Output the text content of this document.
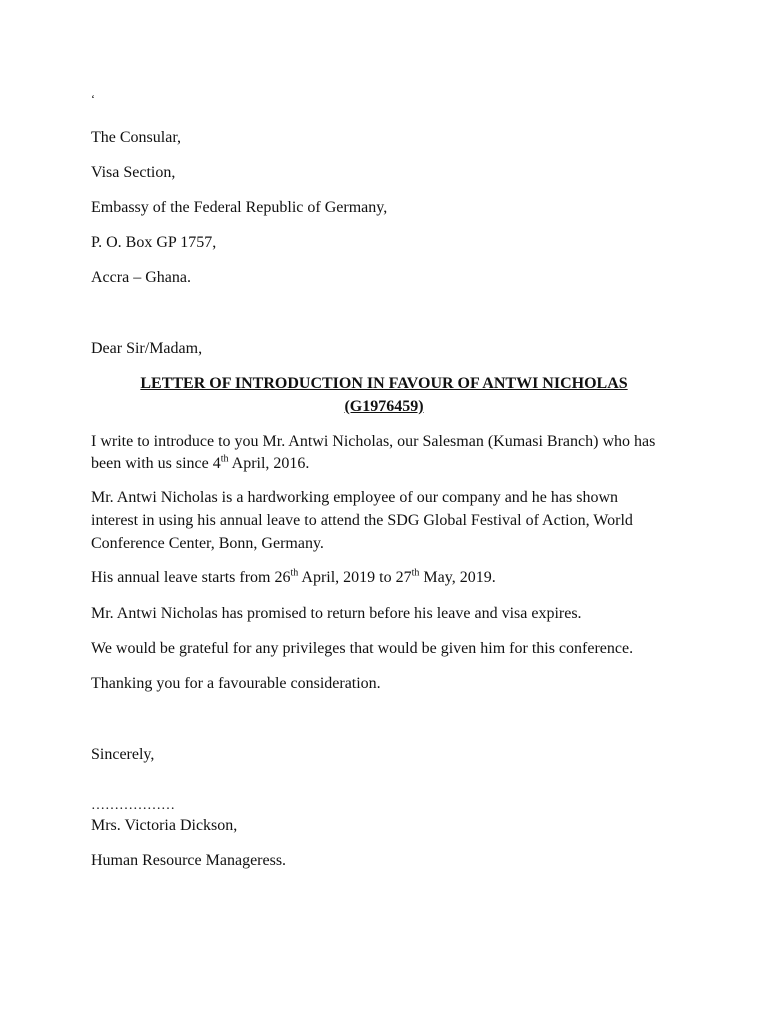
‘
The Consular,
Visa Section,
Embassy of the Federal Republic of Germany,
P. O. Box GP 1757,
Accra – Ghana.
Dear Sir/Madam,
LETTER OF INTRODUCTION IN FAVOUR OF ANTWI NICHOLAS
(G1976459)
I write to introduce to you Mr. Antwi Nicholas, our Salesman (Kumasi Branch) who has
been with us since 4th April, 2016.
Mr. Antwi Nicholas is a hardworking employee of our company and he has shown
interest in using his annual leave to attend the SDG Global Festival of Action, World
Conference Center, Bonn, Germany.
His annual leave starts from 26th April, 2019 to 27th May, 2019.
Mr. Antwi Nicholas has promised to return before his leave and visa expires.
We would be grateful for any privileges that would be given him for this conference.
Thanking you for a favourable consideration.
Sincerely,
………………
Mrs. Victoria Dickson,
Human Resource Manageress.
